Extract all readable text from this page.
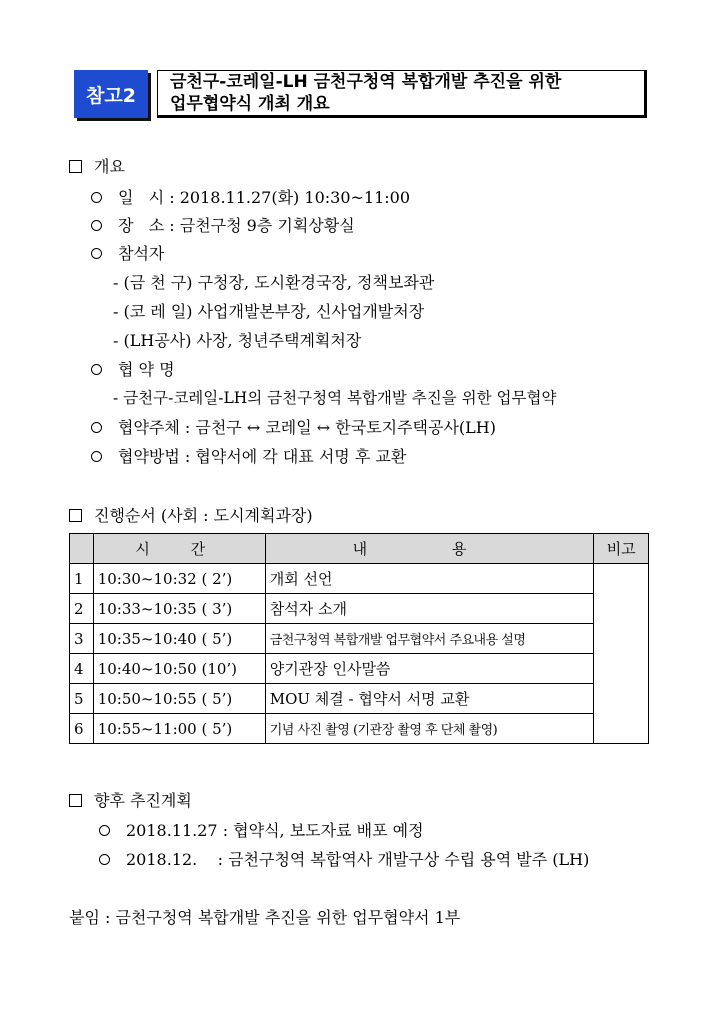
참고2
금천구-코레일-LH 금천구청역 복합개발 추진을 위한
업무협약식 개최 개요
개요
일   시 : 2018.11.27(화) 10:30~11:00
장   소 : 금천구청 9층 기획상황실
참석자
- (금 천 구) 구청장, 도시환경국장, 정책보좌관
- (코 레 일) 사업개발본부장, 신사업개발처장
- (LH공사) 사장, 청년주택계획처장
협 약 명
- 금천구-코레일-LH의 금천구청역 복합개발 추진을 위한 업무협약
협약주체 : 금천구 ↔ 코레일 ↔ 한국토지주택공사(LH)
협약방법 : 협약서에 각 대표 서명 후 교환
진행순서 (사회 : 도시계획과장)
	시 간	내 용	비고
1	10:30~10:32 ( 2’)	개회 선언	
2	10:33~10:35 ( 3’)	참석자 소개	
3	10:35~10:40 ( 5’)	금천구청역 복합개발 업무협약서 주요내용 설명	
4	10:40~10:50 (10’)	양기관장 인사말씀	
5	10:50~10:55 ( 5’)	MOU 체결 - 협약서 서명 교환	
6	10:55~11:00 ( 5’)	기념 사진 촬영 (기관장 촬영 후 단체 촬영)	
향후 추진계획
2018.11.27 : 협약식, 보도자료 배포 예정
2018.12.    : 금천구청역 복합역사 개발구상 수립 용역 발주 (LH)
붙임 : 금천구청역 복합개발 추진을 위한 업무협약서 1부
